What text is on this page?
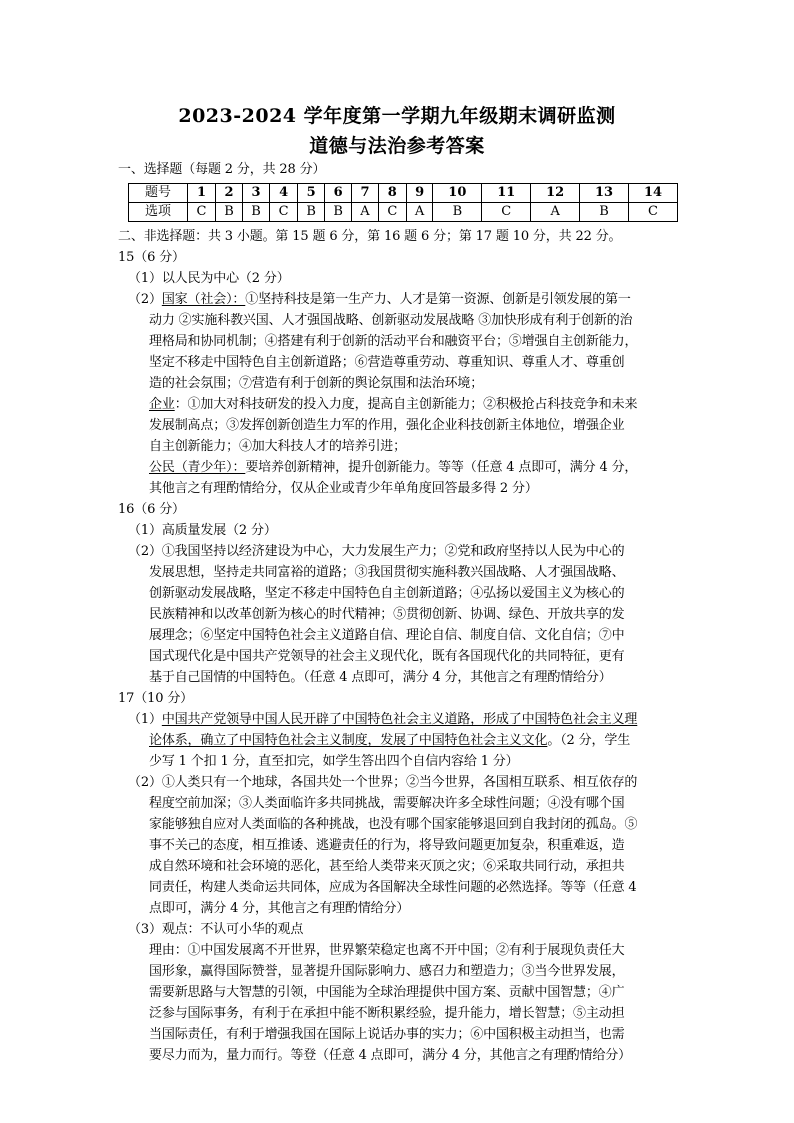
2023-2024 学年度第一学期九年级期末调研监测
道德与法治参考答案
一、选择题（每题 2 分，共 28 分）
题号	1	2	3	4	5	6	7	8	9	10	11	12	13	14
选项	C	B	B	C	B	B	A	C	A	B	C	A	B	C
二、非选择题：共 3 小题。第 15 题 6 分，第 16 题 6 分；第 17 题 10 分，共 22 分。
15（6 分）
（1）以人民为中心（2 分）
（2）国家（社会）：①坚持科技是第一生产力、人才是第一资源、创新是引领发展的第一
动力 ②实施科教兴国、人才强国战略、创新驱动发展战略 ③加快形成有利于创新的治
理格局和协同机制；④搭建有利于创新的活动平台和融资平台；⑤增强自主创新能力，
坚定不移走中国特色自主创新道路；⑥营造尊重劳动、尊重知识、尊重人才、尊重创
造的社会氛围；⑦营造有利于创新的舆论氛围和法治环境；
企业：①加大对科技研发的投入力度，提高自主创新能力；②积极抢占科技竞争和未来
发展制高点；③发挥创新创造生力军的作用，强化企业科技创新主体地位，增强企业
自主创新能力；④加大科技人才的培养引进；
公民（青少年）：要培养创新精神，提升创新能力。等等（任意 4 点即可，满分 4 分，
其他言之有理酌情给分，仅从企业或青少年单角度回答最多得 2 分）
16（6 分）
（1）高质量发展（2 分）
（2）①我国坚持以经济建设为中心，大力发展生产力；②党和政府坚持以人民为中心的
发展思想，坚持走共同富裕的道路；③我国贯彻实施科教兴国战略、人才强国战略、
创新驱动发展战略，坚定不移走中国特色自主创新道路；④弘扬以爱国主义为核心的
民族精神和以改革创新为核心的时代精神；⑤贯彻创新、协调、绿色、开放共享的发
展理念；⑥坚定中国特色社会主义道路自信、理论自信、制度自信、文化自信；⑦中
国式现代化是中国共产党领导的社会主义现代化，既有各国现代化的共同特征，更有
基于自己国情的中国特色。（任意 4 点即可，满分 4 分，其他言之有理酌情给分）
17（10 分）
（1）中国共产党领导中国人民开辟了中国特色社会主义道路，形成了中国特色社会主义理
论体系，确立了中国特色社会主义制度，发展了中国特色社会主义文化。（2 分，学生
少写 1 个扣 1 分，直至扣完，如学生答出四个自信内容给 1 分）
（2）①人类只有一个地球，各国共处一个世界；②当今世界，各国相互联系、相互依存的
程度空前加深；③人类面临许多共同挑战，需要解决许多全球性问题；④没有哪个国
家能够独自应对人类面临的各种挑战，也没有哪个国家能够退回到自我封闭的孤岛。⑤
事不关己的态度，相互推诿、逃避责任的行为，将导致问题更加复杂，积重难返，造
成自然环境和社会环境的恶化，甚至给人类带来灭顶之灾；⑥采取共同行动，承担共
同责任，构建人类命运共同体，应成为各国解决全球性问题的必然选择。等等（任意 4
点即可，满分 4 分，其他言之有理酌情给分）
（3）观点：不认可小华的观点
理由：①中国发展离不开世界，世界繁荣稳定也离不开中国；②有利于展现负责任大
国形象，赢得国际赞誉，显著提升国际影响力、感召力和塑造力；③当今世界发展，
需要新思路与大智慧的引领，中国能为全球治理提供中国方案、贡献中国智慧；④广
泛参与国际事务，有利于在承担中能不断积累经验，提升能力，增长智慧；⑤主动担
当国际责任，有利于增强我国在国际上说话办事的实力；⑥中国积极主动担当，也需
要尽力而为，量力而行。等登（任意 4 点即可，满分 4 分，其他言之有理酌情给分）
